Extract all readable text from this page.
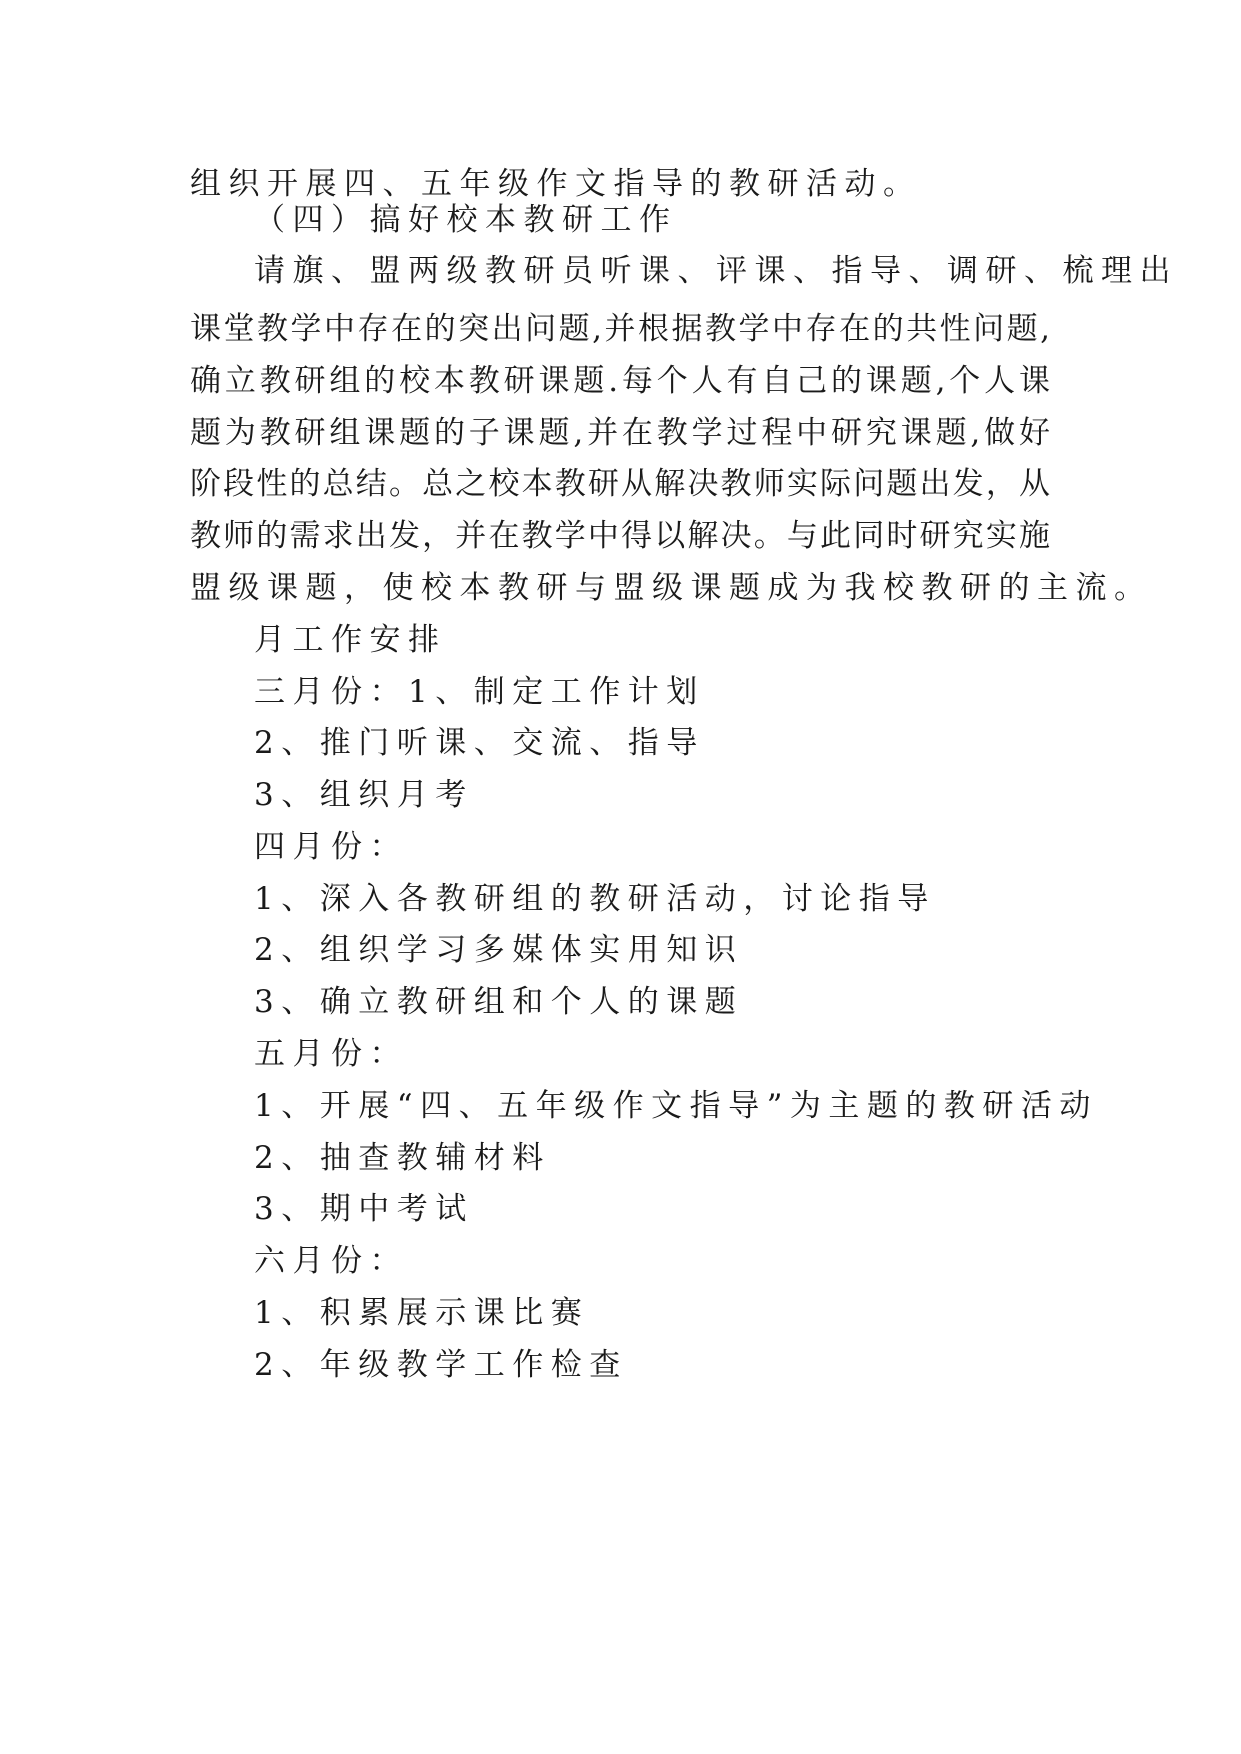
组织开展四、五年级作文指导的教研活动。
（四）搞好校本教研工作
请旗、盟两级教研员听课、评课、指导、调研、梳理出
课堂教学中存在的突出问题,并根据教学中存在的共性问题,
确立教研组的校本教研课题.每个人有自己的课题,个人课
题为教研组课题的子课题,并在教学过程中研究课题,做好
阶段性的总结。总之校本教研从解决教师实际问题出发，从
教师的需求出发，并在教学中得以解决。与此同时研究实施
盟级课题，使校本教研与盟级课题成为我校教研的主流。
月工作安排
三月份：1、制定工作计划
2、推门听课、交流、指导
3、组织月考
四月份：
1、深入各教研组的教研活动，讨论指导
2、组织学习多媒体实用知识
3、确立教研组和个人的课题
五月份：
1、开展“四、五年级作文指导”为主题的教研活动
2、抽查教辅材料
3、期中考试
六月份：
1、积累展示课比赛
2、年级教学工作检查
